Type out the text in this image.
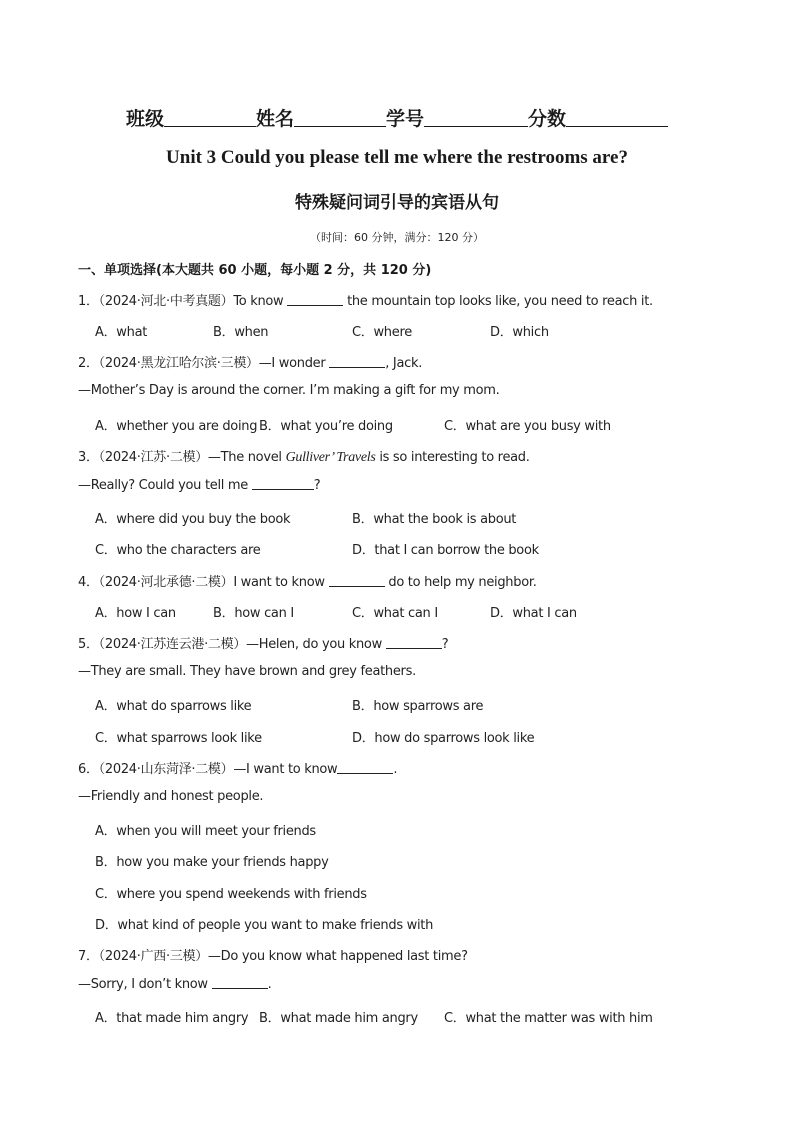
班级	姓名	学号	分数
Unit 3 Could you please tell me where the restrooms are?
特殊疑问词引导的宾语从句
（时间：60 分钟，满分：120 分）
一、单项选择(本大题共 60 小题，每小题 2 分，共 120 分)
1．（2024·河北·中考真题）To know	the mountain top looks like, you need to reach it.
A．what	B．when	C．where	D．which
2．（2024·黑龙江哈尔滨·三模）—I wonder	, Jack.
—Mother’s Day is around the corner. I’m making a gift for my mom.
A．whether you are doing B．what you’re doing	C．what are you busy with
3．（2024·江苏·二模）—The novel Gulliver’ Travels is so interesting to read.
—Really? Could you tell me	?
A．where did you buy the book	B．what the book is about
C．who the characters are	D．that I can borrow the book
4．（2024·河北承德·二模）I want to know	do to help my neighbor.
A．how I can	B．how can I	C．what can I	D．what I can
5．（2024·江苏连云港·二模）—Helen, do you know	?
—They are small. They have brown and grey feathers.
A．what do sparrows like	B．how sparrows are
C．what sparrows look like	D．how do sparrows look like
6．（2024·山东菏泽·二模）—I want to know	.
—Friendly and honest people.
A．when you will meet your friends
B．how you make your friends happy
C．where you spend weekends with friends
D．what kind of people you want to make friends with
7．（2024·广西·三模）—Do you know what happened last time?
—Sorry, I don’t know	.
A．that made him angry B．what made him angry C．what the matter was with him
